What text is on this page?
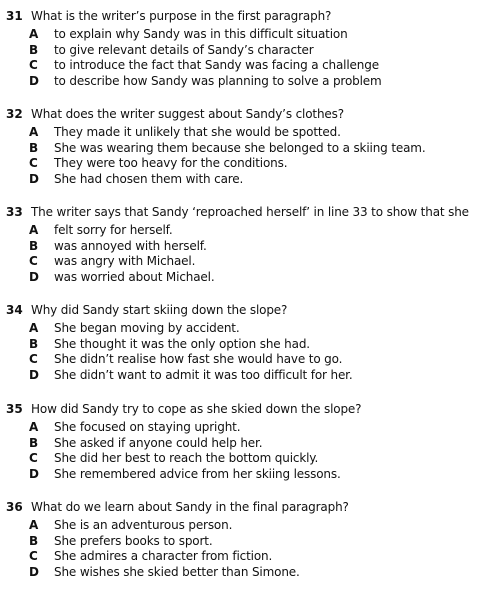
31 What is the writer’s purpose in the first paragraph?
A	to explain why Sandy was in this difficult situation
B	to give relevant details of Sandy’s character
C	to introduce the fact that Sandy was facing a challenge
D	to describe how Sandy was planning to solve a problem
32 What does the writer suggest about Sandy’s clothes?
A	They made it unlikely that she would be spotted.
B	She was wearing them because she belonged to a skiing team.
C	They were too heavy for the conditions.
D	She had chosen them with care.
33 The writer says that Sandy ‘reproached herself’ in line 33 to show that she
A	felt sorry for herself.
B	was annoyed with herself.
C	was angry with Michael.
D	was worried about Michael.
34 Why did Sandy start skiing down the slope?
A	She began moving by accident.
B	She thought it was the only option she had.
C	She didn’t realise how fast she would have to go.
D	She didn’t want to admit it was too difficult for her.
35 How did Sandy try to cope as she skied down the slope?
A	She focused on staying upright.
B	She asked if anyone could help her.
C	She did her best to reach the bottom quickly.
D	She remembered advice from her skiing lessons.
36 What do we learn about Sandy in the final paragraph?
A	She is an adventurous person.
B	She prefers books to sport.
C	She admires a character from fiction.
D	She wishes she skied better than Simone.
